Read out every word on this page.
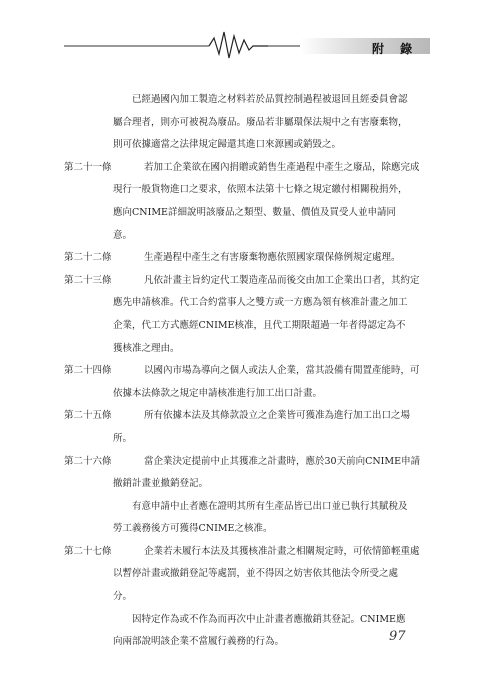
附 錄
已經過國內加工製造之材料若於品質控制過程被退回且經委員會認
屬合理者，則亦可被視為廢品。廢品若非屬環保法規中之有害廢棄物，
則可依據適當之法律規定歸還其進口來源國或銷毀之。
第二十一條	若加工企業欲在國內捐贈或銷售生產過程中產生之廢品，除應完成
現行一般貨物進口之要求，依照本法第十七條之規定繳付相關稅捐外，
應向CNIME詳細說明該廢品之類型、數量、價值及買受人並申請同
意。
第二十二條	生產過程中產生之有害廢棄物應依照國家環保條例規定處理。
第二十三條	凡依計畫主旨約定代工製造產品而後交由加工企業出口者，其約定
應先申請核准。代工合約當事人之雙方或一方應為領有核准計畫之加工
企業，代工方式應經CNIME核准，且代工期限超過一年者得認定為不
獲核准之理由。
第二十四條	以國內市場為導向之個人或法人企業，當其設備有閒置產能時，可
依據本法條款之規定申請核准進行加工出口計畫。
第二十五條	所有依據本法及其條款設立之企業皆可獲准為進行加工出口之場
所。
第二十六條	當企業決定提前中止其獲准之計畫時，應於30天前向CNIME申請
撤銷計畫並撤銷登記。
有意申請中止者應在證明其所有生產品皆已出口並已執行其賦稅及
勞工義務後方可獲得CNIME之核准。
第二十七條	企業若未履行本法及其獲核准計畫之相關規定時，可依情節輕重處
以暫停計畫或撤銷登記等處罰，並不得因之妨害依其他法令所受之處
分。
因特定作為或不作為而再次中止計畫者應撤銷其登記。CNIME應
向兩部說明該企業不當履行義務的行為。	97
